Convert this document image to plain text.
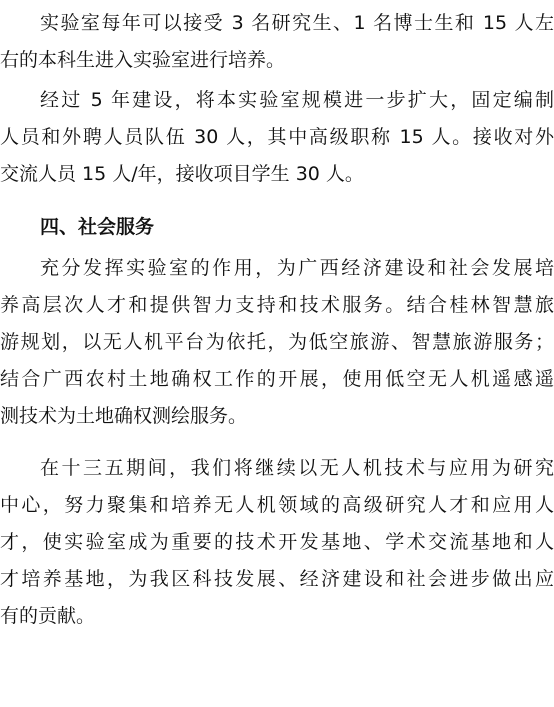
实验室每年可以接受 3 名研究生、1 名博士生和 15 人左
右的本科生进入实验室进行培养。
经过 5 年建设，将本实验室规模进一步扩大，固定编制
人员和外聘人员队伍 30 人，其中高级职称 15 人。接收对外
交流人员 15 人/年，接收项目学生 30 人。
四、社会服务
充分发挥实验室的作用，为广西经济建设和社会发展培
养高层次人才和提供智力支持和技术服务。结合桂林智慧旅
游规划，以无人机平台为依托，为低空旅游、智慧旅游服务；
结合广西农村土地确权工作的开展，使用低空无人机遥感遥
测技术为土地确权测绘服务。
在十三五期间，我们将继续以无人机技术与应用为研究
中心，努力聚集和培养无人机领域的高级研究人才和应用人
才，使实验室成为重要的技术开发基地、学术交流基地和人
才培养基地，为我区科技发展、经济建设和社会进步做出应
有的贡献。
